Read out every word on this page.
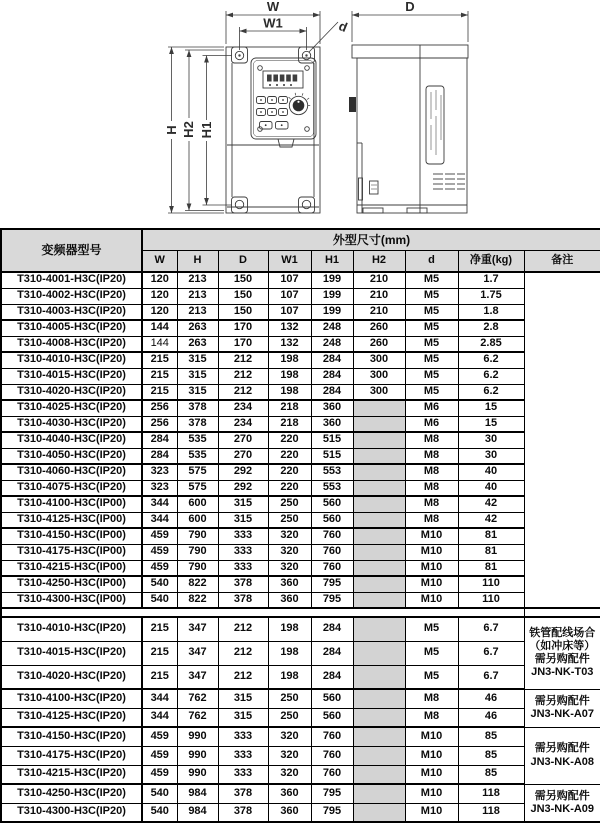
W
W1
H H2 H1
d
D
变频器型号	外型尺寸(mm)								
	W	H	D	W1	H1	H2	d	净重(kg)	备注
T310-4001-H3C(IP20)	120	213	150	107	199	210	M5	1.7	
T310-4002-H3C(IP20)	120	213	150	107	199	210	M5	1.75	
T310-4003-H3C(IP20)	120	213	150	107	199	210	M5	1.8	
T310-4005-H3C(IP20)	144	263	170	132	248	260	M5	2.8	
T310-4008-H3C(IP20)	144	263	170	132	248	260	M5	2.85	
T310-4010-H3C(IP20)	215	315	212	198	284	300	M5	6.2	
T310-4015-H3C(IP20)	215	315	212	198	284	300	M5	6.2	
T310-4020-H3C(IP20)	215	315	212	198	284	300	M5	6.2	
T310-4025-H3C(IP20)	256	378	234	218	360		M6	15	
T310-4030-H3C(IP20)	256	378	234	218	360		M6	15	
T310-4040-H3C(IP20)	284	535	270	220	515		M8	30	
T310-4050-H3C(IP20)	284	535	270	220	515		M8	30	
T310-4060-H3C(IP20)	323	575	292	220	553		M8	40	
T310-4075-H3C(IP20)	323	575	292	220	553		M8	40	
T310-4100-H3C(IP00)	344	600	315	250	560		M8	42	
T310-4125-H3C(IP00)	344	600	315	250	560		M8	42	
T310-4150-H3C(IP00)	459	790	333	320	760		M10	81	
T310-4175-H3C(IP00)	459	790	333	320	760		M10	81	
T310-4215-H3C(IP00)	459	790	333	320	760		M10	81	
T310-4250-H3C(IP00)	540	822	378	360	795		M10	110	
T310-4300-H3C(IP00)	540	822	378	360	795		M10	110	

T310-4010-H3C(IP20)	215	347	212	198	284		M5	6.7	铁管配线场合
（如冲床等）
需另购配件
JN3-NK-T03

T310-4015-H3C(IP20)	215	347	212	198	284		M5	6.7	
T310-4020-H3C(IP20)	215	347	212	198	284		M5	6.7	
T310-4100-H3C(IP20)	344	762	315	250	560		M8	46	需另购配件
JN3-NK-A07

T310-4125-H3C(IP20)	344	762	315	250	560		M8	46	
T310-4150-H3C(IP20)	459	990	333	320	760		M10	85	需另购配件
JN3-NK-A08

T310-4175-H3C(IP20)	459	990	333	320	760		M10	85	
T310-4215-H3C(IP20)	459	990	333	320	760		M10	85	
T310-4250-H3C(IP20)	540	984	378	360	795		M10	118	需另购配件
JN3-NK-A09

T310-4300-H3C(IP20)	540	984	378	360	795		M10	118	
